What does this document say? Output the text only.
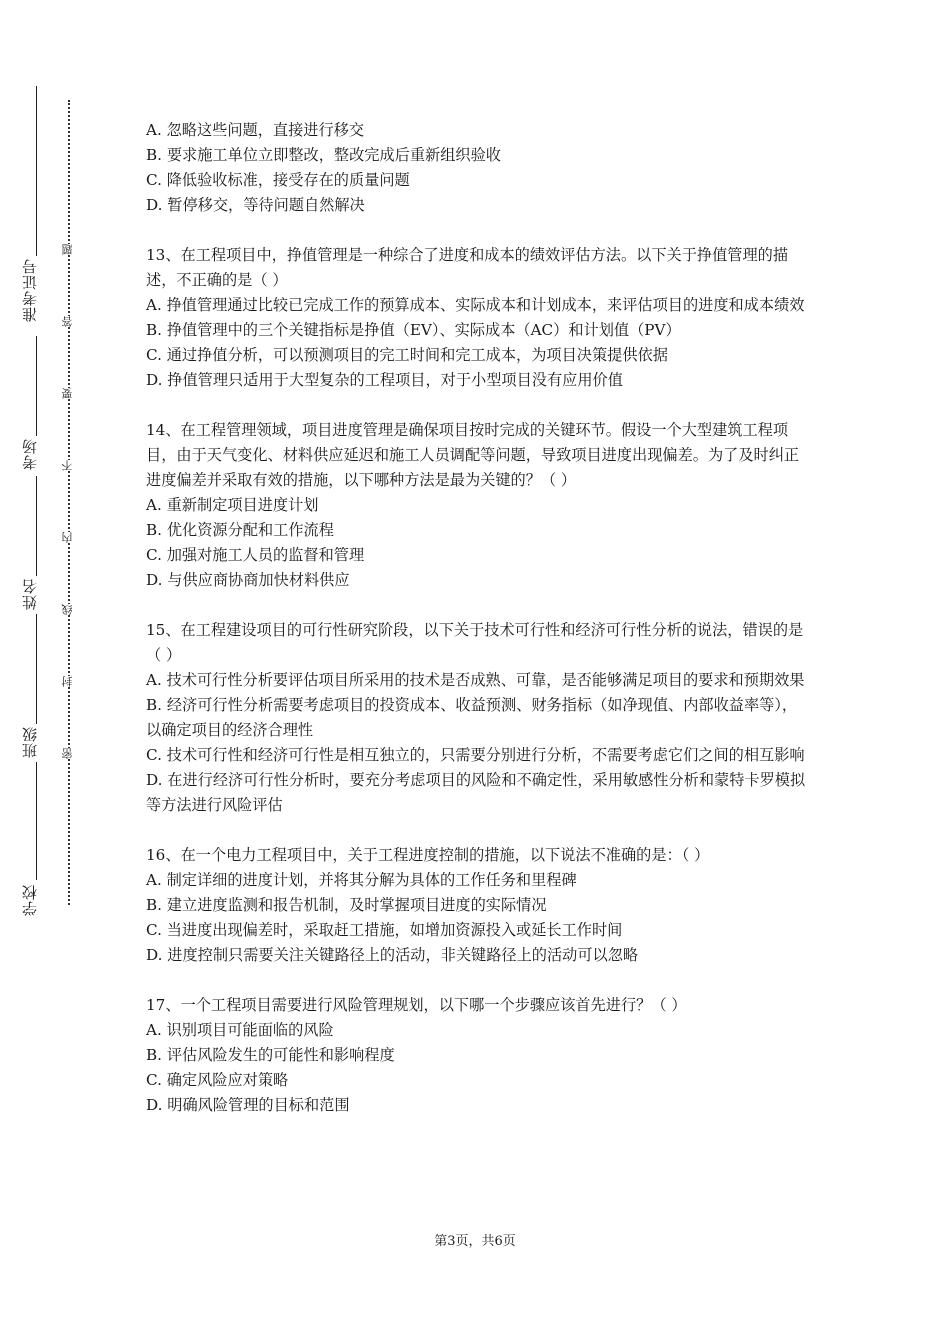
准考证号
考场
姓名
班级
学校
题
答
要
不
内
线
封
密

A. 忽略这些问题，直接进行移交

B. 要求施工单位立即整改，整改完成后重新组织验收

C. 降低验收标准，接受存在的质量问题

D. 暂停移交，等待问题自然解决

13、在工程项目中，挣值管理是一种综合了进度和成本的绩效评估方法。以下关于挣值管理的描述，不正确的是（ ）

A. 挣值管理通过比较已完成工作的预算成本、实际成本和计划成本，来评估项目的进度和成本绩效

B. 挣值管理中的三个关键指标是挣值（EV）、实际成本（AC）和计划值（PV）

C. 通过挣值分析，可以预测项目的完工时间和完工成本，为项目决策提供依据

D. 挣值管理只适用于大型复杂的工程项目，对于小型项目没有应用价值

14、在工程管理领域，项目进度管理是确保项目按时完成的关键环节。假设一个大型建筑工程项目，由于天气变化、材料供应延迟和施工人员调配等问题，导致项目进度出现偏差。为了及时纠正进度偏差并采取有效的措施，以下哪种方法是最为关键的？（ ）

A. 重新制定项目进度计划

B. 优化资源分配和工作流程

C. 加强对施工人员的监督和管理

D. 与供应商协商加快材料供应

15、在工程建设项目的可行性研究阶段，以下关于技术可行性和经济可行性分析的说法，错误的是（ ）

A. 技术可行性分析要评估项目所采用的技术是否成熟、可靠，是否能够满足项目的要求和预期效果

B. 经济可行性分析需要考虑项目的投资成本、收益预测、财务指标（如净现值、内部收益率等），以确定项目的经济合理性

C. 技术可行性和经济可行性是相互独立的，只需要分别进行分析，不需要考虑它们之间的相互影响

D. 在进行经济可行性分析时，要充分考虑项目的风险和不确定性，采用敏感性分析和蒙特卡罗模拟等方法进行风险评估

16、在一个电力工程项目中，关于工程进度控制的措施，以下说法不准确的是：（ ）

A. 制定详细的进度计划，并将其分解为具体的工作任务和里程碑

B. 建立进度监测和报告机制，及时掌握项目进度的实际情况

C. 当进度出现偏差时，采取赶工措施，如增加资源投入或延长工作时间

D. 进度控制只需要关注关键路径上的活动，非关键路径上的活动可以忽略

17、一个工程项目需要进行风险管理规划，以下哪一个步骤应该首先进行？（ ）

A. 识别项目可能面临的风险

B. 评估风险发生的可能性和影响程度

C. 确定风险应对策略

D. 明确风险管理的目标和范围

第3页，共6页
